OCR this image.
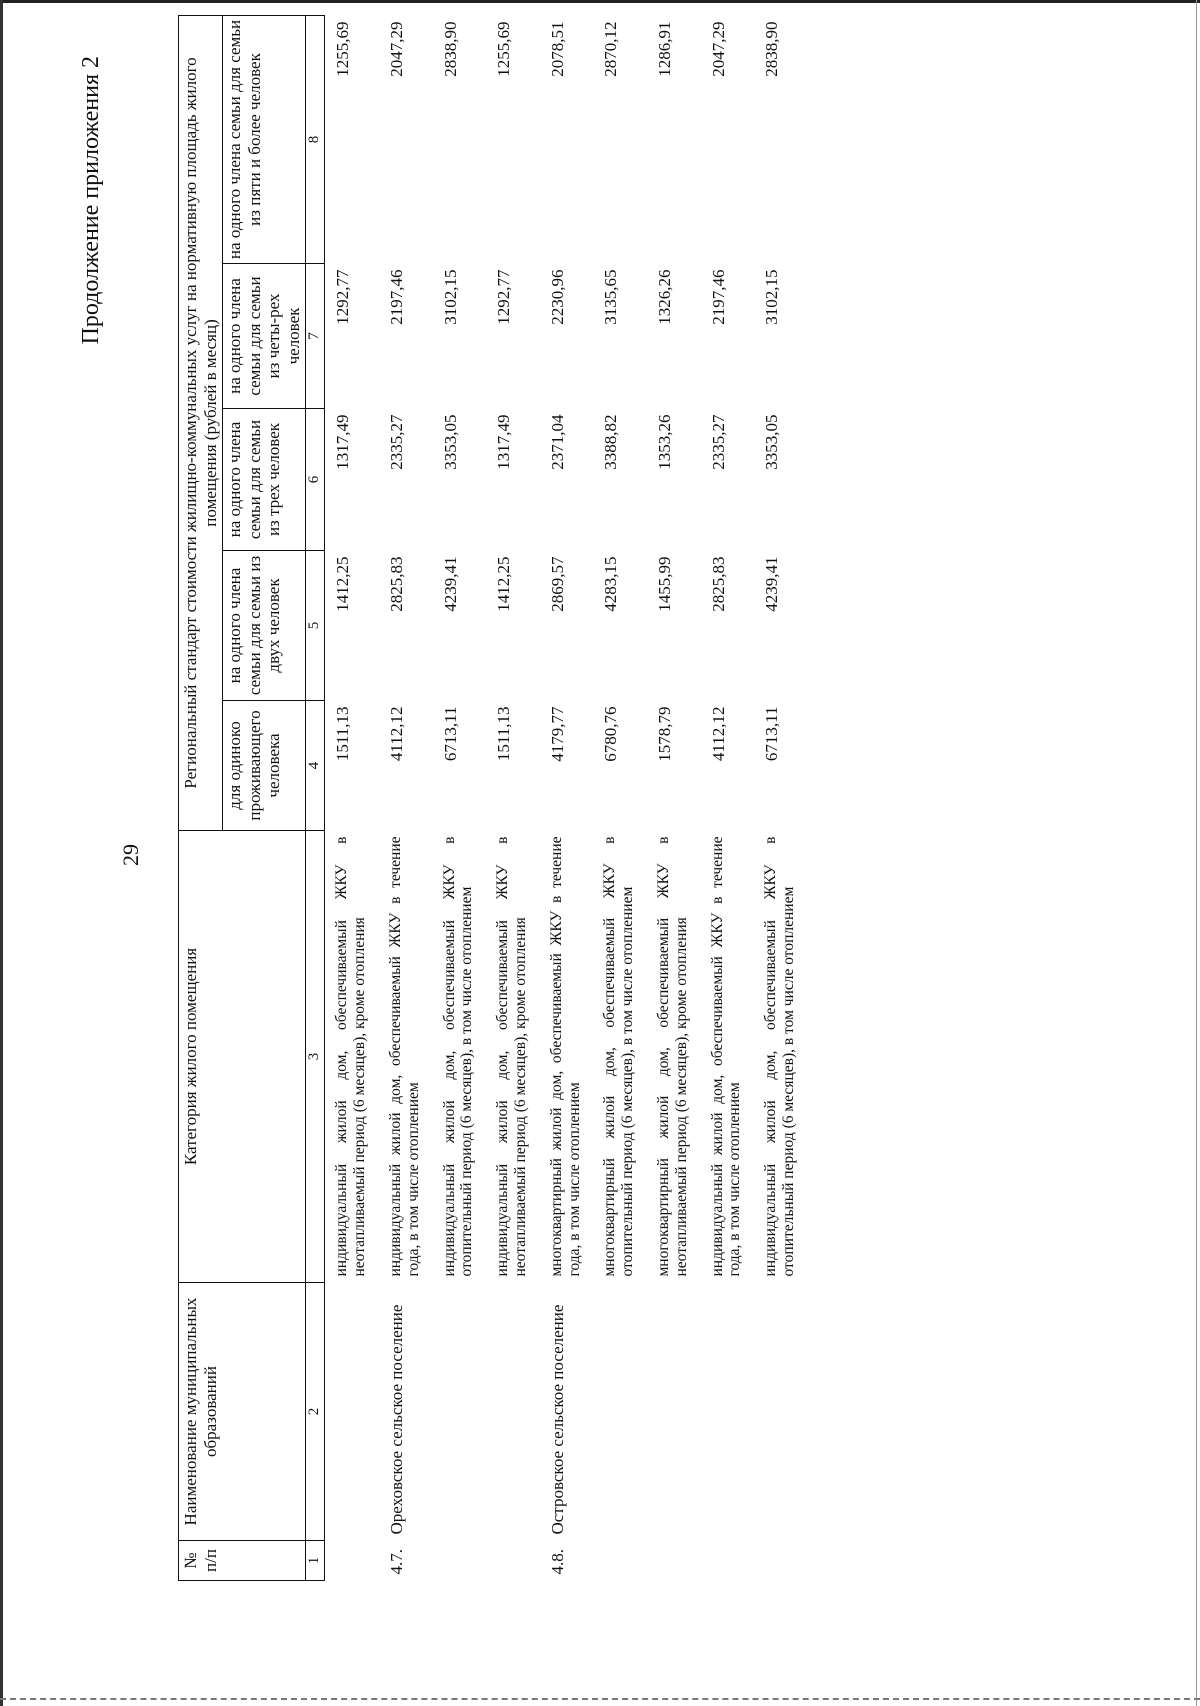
29
Продолжение приложения 2
№ п/п	Наименование муниципальных образований	Категория жилого помещения	Региональный стандарт стоимости жилищно-коммунальных услуг на нормативную площадь жилого помещения (рублей в месяц)				
			для одиноко проживающего человека	на одного члена семьи для семьи из двух человек	на одного члена семьи для семьи из трех человек	на одного члена семьи для семьи из четы-рех человек	на одного члена семьи для семьи из пяти и более человек
1	2	3	4	5	6	7	8
		индивидуальный жилой дом, обеспечиваемый ЖКУ в неотапливаемый период (6 месяцев), кроме отопления	1511,13	1412,25	1317,49	1292,77	1255,69
4.7.	Ореховское сельское поселение	индивидуальный жилой дом, обеспечиваемый ЖКУ в течение года, в том числе отоплением	4112,12	2825,83	2335,27	2197,46	2047,29
		индивидуальный жилой дом, обеспечиваемый ЖКУ в отопительный период (6 месяцев), в том числе отоплением	6713,11	4239,41	3353,05	3102,15	2838,90
		индивидуальный жилой дом, обеспечиваемый ЖКУ в неотапливаемый период (6 месяцев), кроме отопления	1511,13	1412,25	1317,49	1292,77	1255,69
4.8.	Островское сельское поселение	многоквартирный жилой дом, обеспечиваемый ЖКУ в течение года, в том числе отоплением	4179,77	2869,57	2371,04	2230,96	2078,51
		многоквартирный жилой дом, обеспечиваемый ЖКУ в отопительный период (6 месяцев), в том числе отоплением	6780,76	4283,15	3388,82	3135,65	2870,12
		многоквартирный жилой дом, обеспечиваемый ЖКУ в неотапливаемый период (6 месяцев), кроме отопления	1578,79	1455,99	1353,26	1326,26	1286,91
		индивидуальный жилой дом, обеспечиваемый ЖКУ в течение года, в том числе отоплением	4112,12	2825,83	2335,27	2197,46	2047,29
		индивидуальный жилой дом, обеспечиваемый ЖКУ в отопительный период (6 месяцев), в том числе отоплением	6713,11	4239,41	3353,05	3102,15	2838,90
